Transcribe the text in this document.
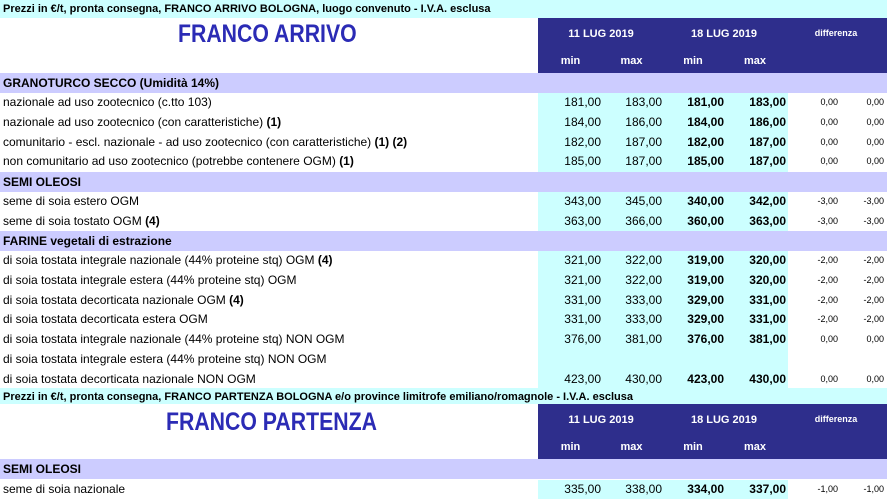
Prezzi in €/t, pronta consegna, FRANCO ARRIVO BOLOGNA, luogo convenuto - I.V.A. esclusa
FRANCO ARRIVO	11 LUG 2019	18 LUG 2019	differenza
min	max	min	max
GRANOTURCO SECCO (Umidità 14%)
nazionale ad uso zootecnico (c.tto 103)	181,00	183,00	181,00	183,00	0,00	0,00
nazionale ad uso zootecnico (con caratteristiche) (1)	184,00	186,00	184,00	186,00	0,00	0,00
comunitario - escl. nazionale - ad uso zootecnico (con caratteristiche) (1) (2)	182,00	187,00	182,00	187,00	0,00	0,00
non comunitario ad uso zootecnico (potrebbe contenere OGM) (1)	185,00	187,00	185,00	187,00	0,00	0,00
SEMI OLEOSI
seme di soia estero OGM	343,00	345,00	340,00	342,00	-3,00	-3,00
seme di soia tostato OGM (4)	363,00	366,00	360,00	363,00	-3,00	-3,00
FARINE vegetali di estrazione
di soia tostata integrale nazionale (44% proteine stq) OGM (4)	321,00	322,00	319,00	320,00	-2,00	-2,00
di soia tostata integrale estera (44% proteine stq) OGM	321,00	322,00	319,00	320,00	-2,00	-2,00
di soia tostata decorticata nazionale OGM (4)	331,00	333,00	329,00	331,00	-2,00	-2,00
di soia tostata decorticata estera OGM	331,00	333,00	329,00	331,00	-2,00	-2,00
di soia tostata integrale nazionale (44% proteine stq) NON OGM	376,00	381,00	376,00	381,00	0,00	0,00
di soia tostata integrale estera (44% proteine stq) NON OGM
di soia tostata decorticata nazionale NON OGM	423,00	430,00	423,00	430,00	0,00	0,00
Prezzi in €/t, pronta consegna, FRANCO PARTENZA BOLOGNA e/o province limitrofe emiliano/romagnole - I.V.A. esclusa
FRANCO PARTENZA	11 LUG 2019	18 LUG 2019	differenza
min	max	min	max
SEMI OLEOSI
seme di soia nazionale	335,00	338,00	334,00	337,00	-1,00	-1,00
